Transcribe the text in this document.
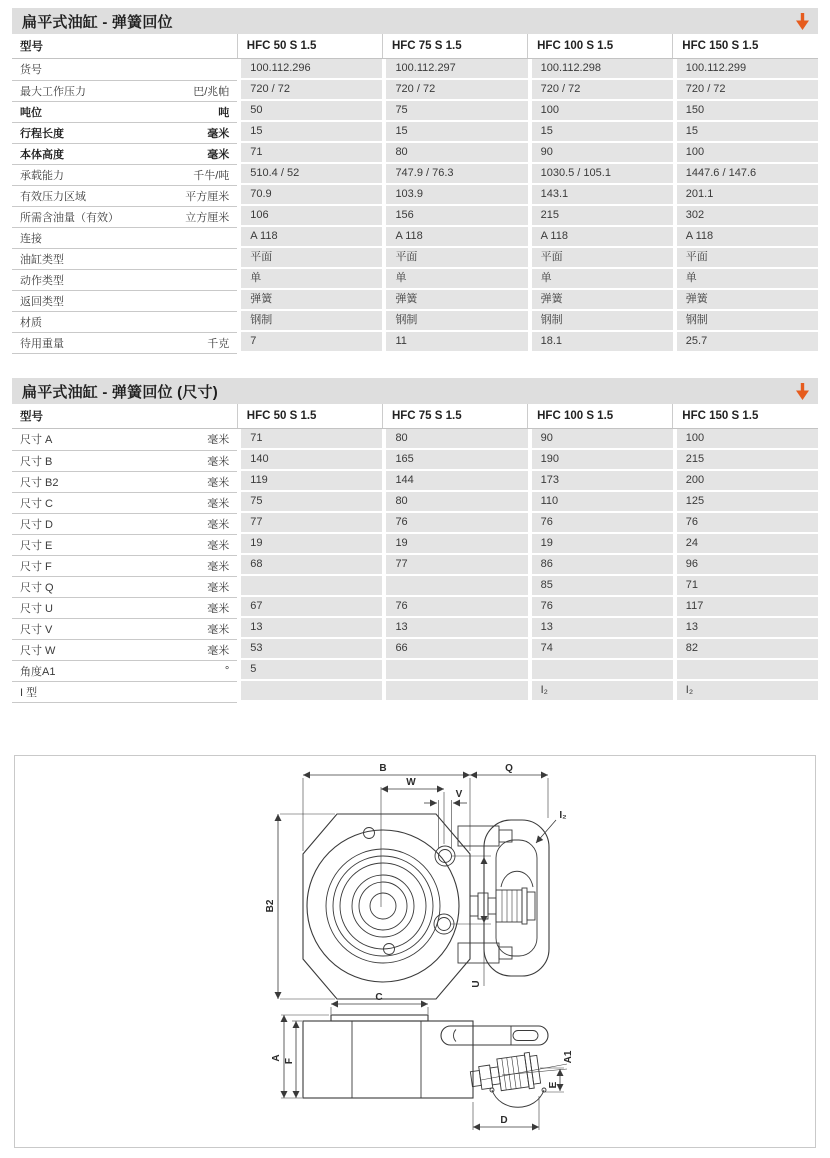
扁平式油缸 - 弹簧回位
型号	HFC 50 S 1.5	HFC 75 S 1.5	HFC 100 S 1.5	HFC 150 S 1.5

货号	100.112.296	100.112.297	100.112.298	100.112.299

最大工作压力 巴/兆帕	720 / 72	720 / 72	720 / 72	720 / 72

吨位 吨	50	75	100	150

行程长度 毫米	15	15	15	15

本体高度 毫米	71	80	90	100

承载能力 千牛/吨	510.4 / 52	747.9 / 76.3	1030.5 / 105.1	1447.6 / 147.6

有效压力区域 平方厘米	70.9	103.9	143.1	201.1

所需含油量（有效） 立方厘米	106	156	215	302

连接	A 118	A 118	A 118	A 118

油缸类型	平面	平面	平面	平面

动作类型	单	单	单	单

返回类型	弹簧	弹簧	弹簧	弹簧

材质	钢制	钢制	钢制	钢制

待用重量 千克	7	11	18.1	25.7
扁平式油缸 - 弹簧回位 (尺寸)
型号	HFC 50 S 1.5	HFC 75 S 1.5	HFC 100 S 1.5	HFC 150 S 1.5

尺寸 A 毫米	71	80	90	100

尺寸 B 毫米	140	165	190	215

尺寸 B2 毫米	119	144	173	200

尺寸 C 毫米	75	80	110	125

尺寸 D 毫米	77	76	76	76

尺寸 E 毫米	19	19	19	24

尺寸 F 毫米	68	77	86	96

尺寸 Q 毫米			85	71

尺寸 U 毫米	67	76	76	117

尺寸 V 毫米	13	13	13	13

尺寸 W 毫米	53	66	74	82

角度A1 °	5			

I 型			I₂	I₂
B	Q
W
V
B2
U
I₂
C
A F	A1
E
D
